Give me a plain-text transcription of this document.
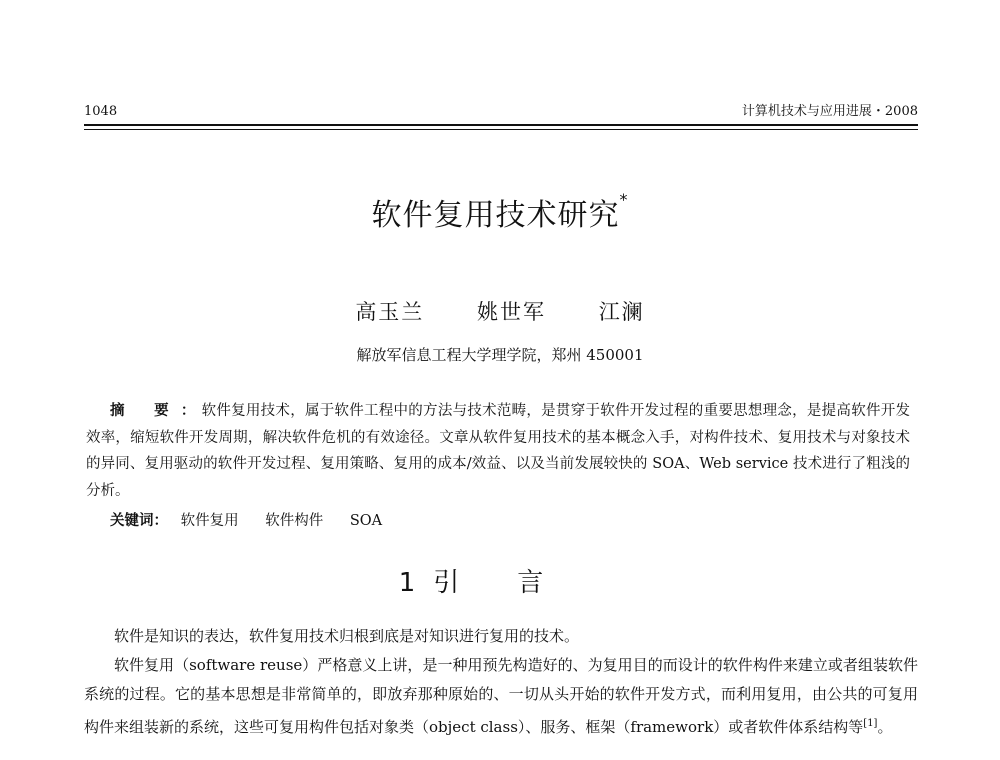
1048	计算机技术与应用进展・2008
软件复用技术研究*
高玉兰	姚世军	江澜
解放军信息工程大学理学院，郑州 450001
摘 要： 软件复用技术，属于软件工程中的方法与技术范畴，是贯穿于软件开发过程的重要思想理念，是提高软件开发效率，缩短软件开发周期，解决软件危机的有效途径。文章从软件复用技术的基本概念入手，对构件技术、复用技术与对象技术的异同、复用驱动的软件开发过程、复用策略、复用的成本/效益、以及当前发展较快的 SOA、Web service 技术进行了粗浅的分析。
关键词： 软件复用 软件构件 SOA
1 引言

软件是知识的表达，软件复用技术归根到底是对知识进行复用的技术。

软件复用（software reuse）严格意义上讲，是一种用预先构造好的、为复用目的而设计的软件构件来建立或者组装软件系统的过程。它的基本思想是非常简单的，即放弃那种原始的、一切从头开始的软件开发方式，而利用复用，由公共的可复用构件来组装新的系统，这些可复用构件包括对象类（object class）、服务、框架（framework）或者软件体系结构等[1]。
